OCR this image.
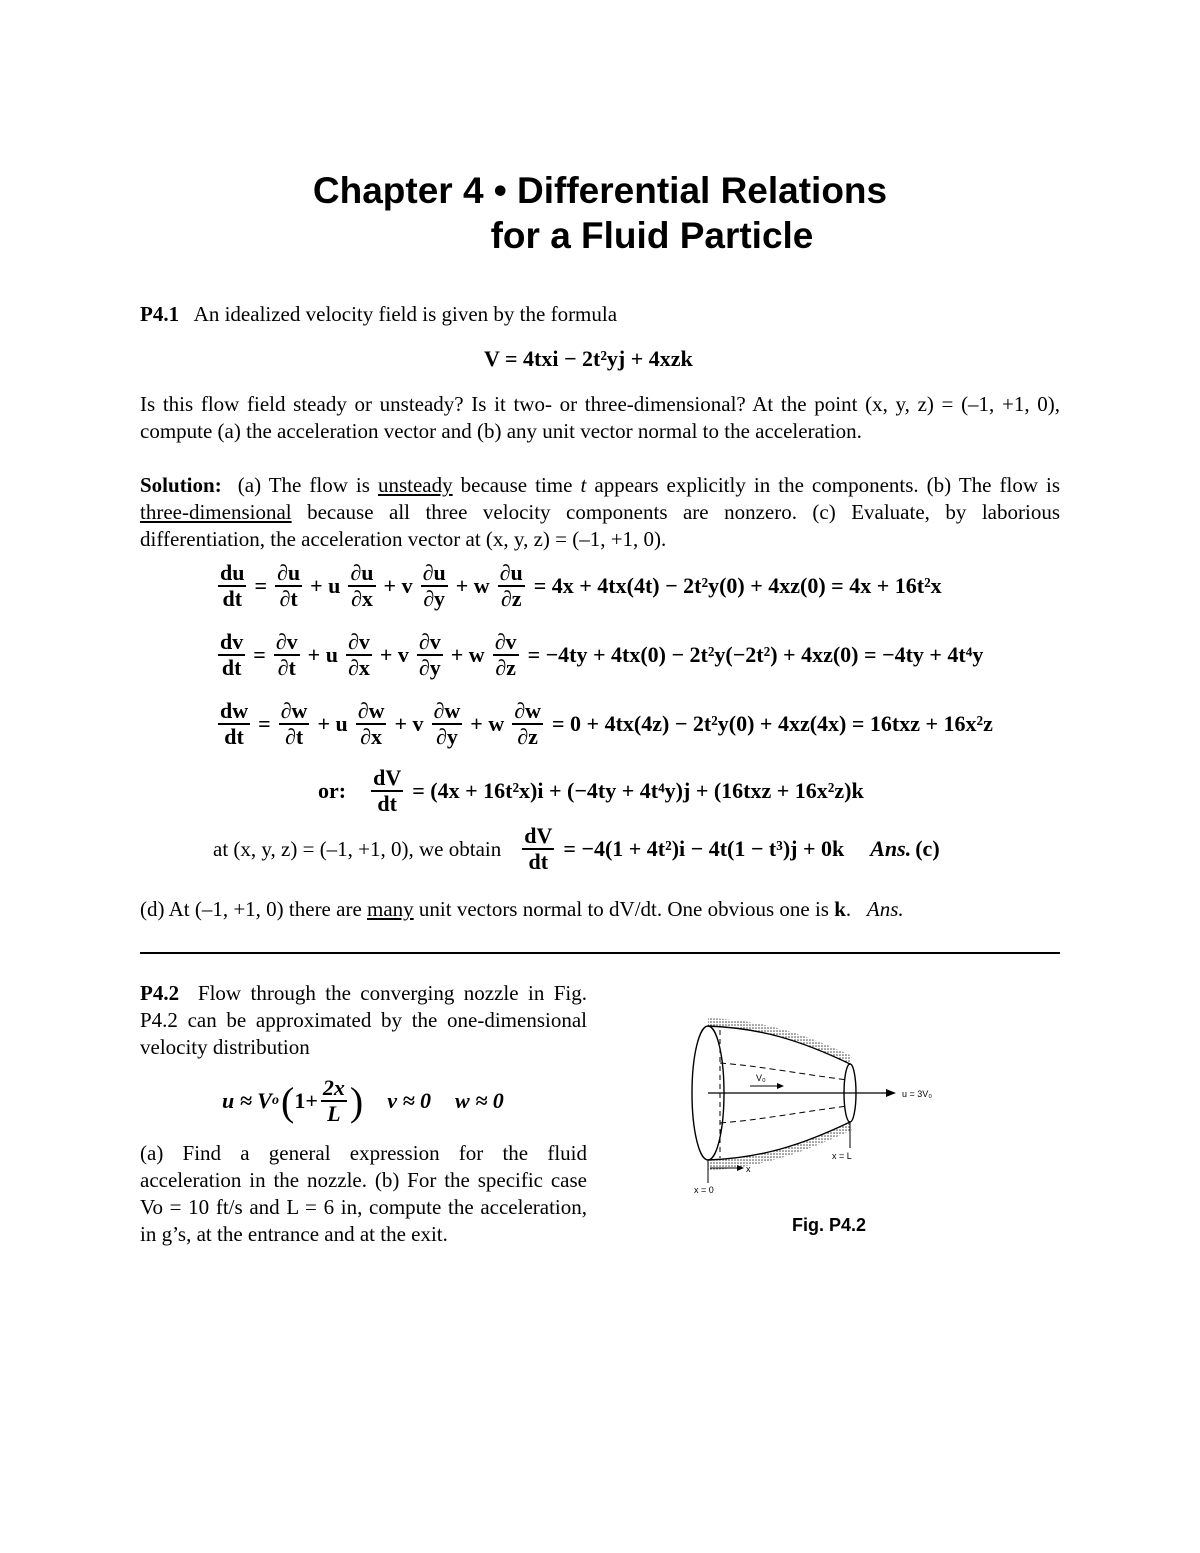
Chapter 4 • Differential Relations
for a Fluid Particle
P4.1 An idealized velocity field is given by the formula
V = 4txi − 2t²yj + 4xzk
Is this flow field steady or unsteady? Is it two- or three-dimensional? At the point (x, y, z) = (–1, +1, 0), compute (a) the acceleration vector and (b) any unit vector normal to the acceleration.
Solution: (a) The flow is unsteady because time t appears explicitly in the components. (b) The flow is three-dimensional because all three velocity components are nonzero. (c) Evaluate, by laborious differentiation, the acceleration vector at (x, y, z) = (–1, +1, 0).
$\frac{du}{dt} = \frac{\partial u}{\partial t} + u \frac{\partial u}{\partial x} + v \frac{\partial u}{\partial y} + w \frac{\partial u}{\partial z} = 4x + 4tx(4t) - 2t^2y(0) + 4xz(0) = 4x + 16t^2x$
$\frac{dv}{dt} = \frac{\partial v}{\partial t} + u \frac{\partial v}{\partial x} + v \frac{\partial v}{\partial y} + w \frac{\partial v}{\partial z} = -4ty + 4tx(0) - 2t^2y(-2t^2) + 4xz(0) = -4ty + 4t^4y$
$\frac{dw}{dt} = \frac{\partial w}{\partial t} + u \frac{\partial w}{\partial x} + v \frac{\partial w}{\partial y} + w \frac{\partial w}{\partial z} = 0 + 4tx(4z) - 2t^2y(0) + 4xz(4x) = 16txz + 16x^2z$
or: $\frac{dV}{dt} = (4x + 16t^2x)i + (-4ty + 4t^4y)j + (16txz + 16x^2z)k$
at (x, y, z) = (–1, +1, 0), we obtain $\frac{dV}{dt} = -4(1 + 4t^2)i - 4t(1 - t^3)j + 0k$ Ans. (c)
(d) At (–1, +1, 0) there are many unit vectors normal to dV/dt. One obvious one is k. Ans.
P4.2 Flow through the converging nozzle in Fig. P4.2 can be approximated by the one-dimensional velocity distribution
u ≈ V o ( $1+ \frac{2x}{L}$ ) v ≈ 0 w ≈ 0
(a) Find a general expression for the fluid acceleration in the nozzle. (b) For the specific case Vo = 10 ft/s and L = 6 in, compute the acceleration, in g’s, at the entrance and at the exit.
V₀
u = 3V₀
x = L
x
x = 0
Fig. P4.2
